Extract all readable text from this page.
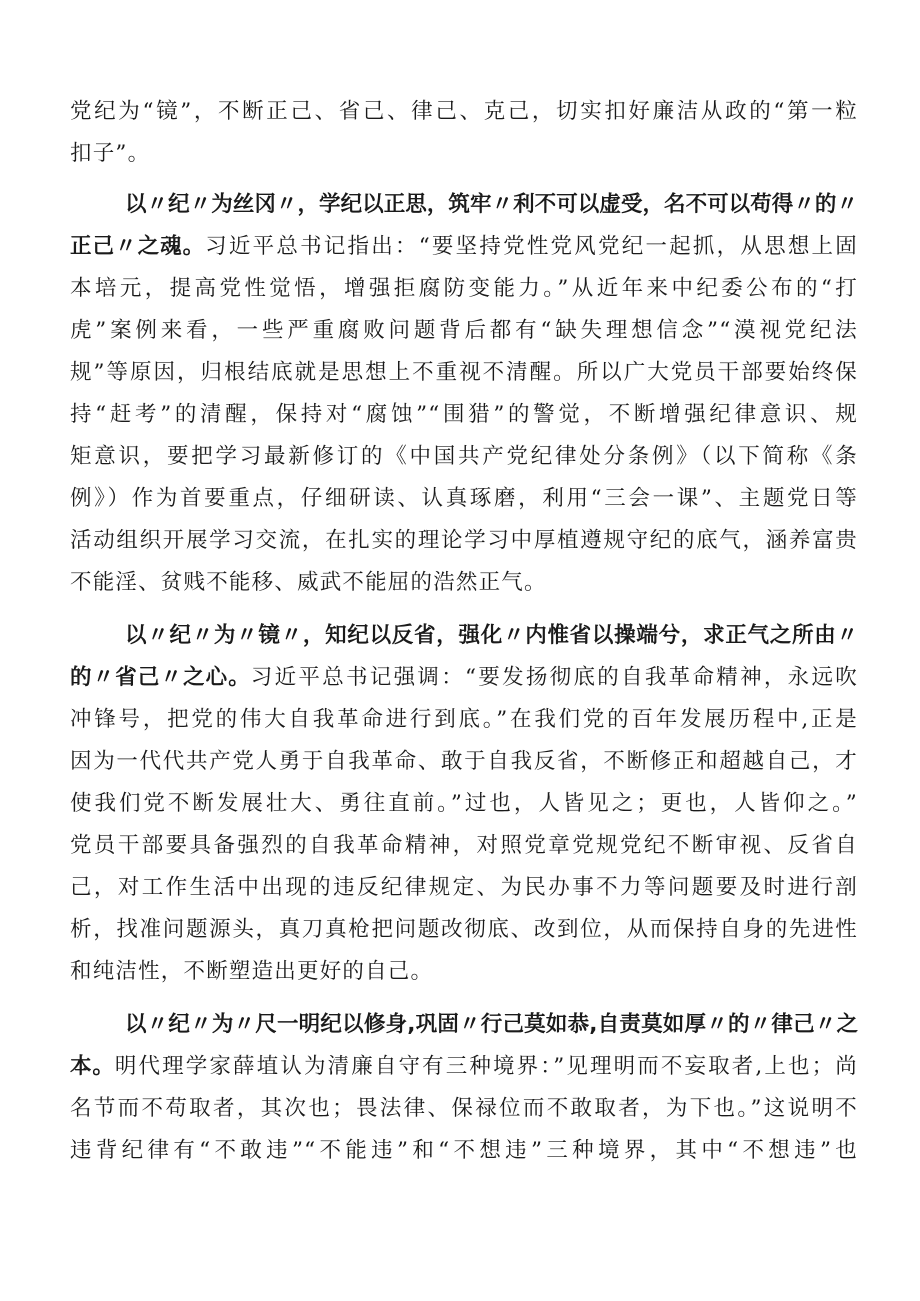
党纪为“镜”，不断正己、省己、律己、克己，切实扣好廉洁从政的“第一粒
扣子”。
以〃纪〃为丝冈〃，学纪以正思，筑牢〃利不可以虚受，名不可以苟得〃的〃
正己〃之魂。习近平总书记指出：“要坚持党性党风党纪一起抓，从思想上固
本培元，提高党性觉悟，增强拒腐防变能力。”从近年来中纪委公布的“打
虎”案例来看，一些严重腐败问题背后都有“缺失理想信念”“漠视党纪法
规”等原因，归根结底就是思想上不重视不清醒。所以广大党员干部要始终保
持“赶考”的清醒，保持对“腐蚀”“围猎”的警觉，不断增强纪律意识、规
矩意识，要把学习最新修订的《中国共产党纪律处分条例》（以下简称《条
例》）作为首要重点，仔细研读、认真琢磨，利用“三会一课”、主题党日等
活动组织开展学习交流，在扎实的理论学习中厚植遵规守纪的底气，涵养富贵
不能淫、贫贱不能移、威武不能屈的浩然正气。
以〃纪〃为〃镜〃，知纪以反省，强化〃内惟省以操端兮，求正气之所由〃
的〃省己〃之心。习近平总书记强调：“要发扬彻底的自我革命精神，永远吹
冲锋号，把党的伟大自我革命进行到底。”在我们党的百年发展历程中,正是
因为一代代共产党人勇于自我革命、敢于自我反省，不断修正和超越自己，才
使我们党不断发展壮大、勇往直前。”过也，人皆见之；更也，人皆仰之。”
党员干部要具备强烈的自我革命精神，对照党章党规党纪不断审视、反省自
己，对工作生活中出现的违反纪律规定、为民办事不力等问题要及时进行剖
析，找准问题源头，真刀真枪把问题改彻底、改到位，从而保持自身的先进性
和纯洁性，不断塑造出更好的自己。
以〃纪〃为〃尺一明纪以修身,巩固〃行己莫如恭,自责莫如厚〃的〃律己〃之
本。明代理学家薛埴认为清廉自守有三种境界：”见理明而不妄取者,上也；尚
名节而不苟取者，其次也；畏法律、保禄位而不敢取者，为下也。”这说明不
违背纪律有“不敢违”“不能违”和“不想违”三种境界，其中“不想违”也
